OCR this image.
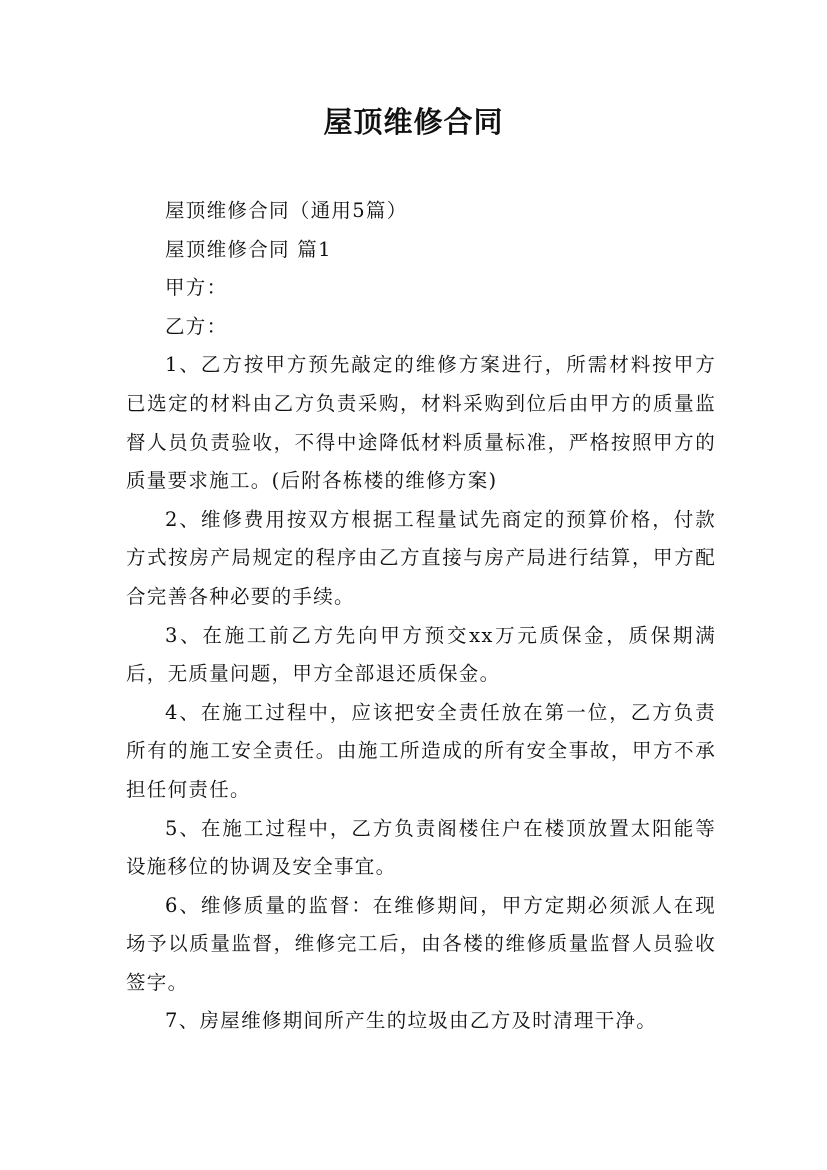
屋顶维修合同

屋顶维修合同（通用5篇）

屋顶维修合同 篇1

甲方：

乙方：

1、乙方按甲方预先敲定的维修方案进行，所需材料按甲方已选定的材料由乙方负责采购，材料采购到位后由甲方的质量监督人员负责验收，不得中途降低材料质量标准，严格按照甲方的质量要求施工。(后附各栋楼的维修方案)

2、维修费用按双方根据工程量试先商定的预算价格，付款方式按房产局规定的程序由乙方直接与房产局进行结算，甲方配合完善各种必要的手续。

3、在施工前乙方先向甲方预交xx万元质保金，质保期满后，无质量问题，甲方全部退还质保金。

4、在施工过程中，应该把安全责任放在第一位，乙方负责所有的施工安全责任。由施工所造成的所有安全事故，甲方不承担任何责任。

5、在施工过程中，乙方负责阁楼住户在楼顶放置太阳能等设施移位的协调及安全事宜。

6、维修质量的监督：在维修期间，甲方定期必须派人在现场予以质量监督，维修完工后，由各楼的维修质量监督人员验收签字。

7、房屋维修期间所产生的垃圾由乙方及时清理干净。
